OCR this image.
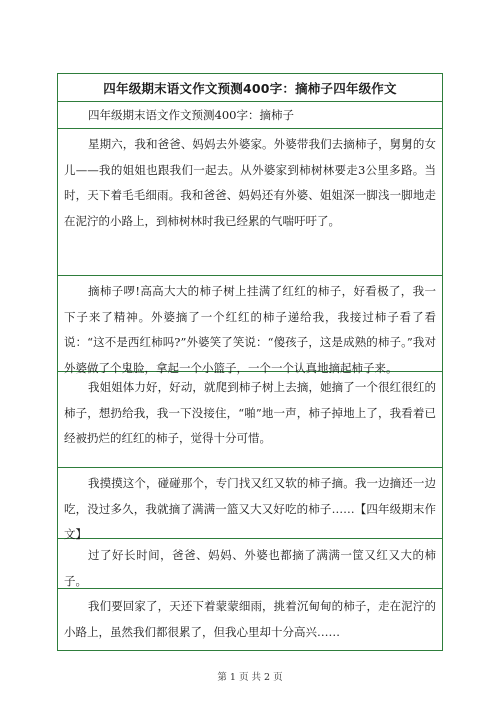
四年级期末语文作文预测400字：摘柿子四年级作文
四年级期末语文作文预测400字：摘柿子

星期六，我和爸爸、妈妈去外婆家。外婆带我们去摘柿子，舅舅的女儿——我的姐姐也跟我们一起去。从外婆家到柿树林要走3公里多路。当时，天下着毛毛细雨。我和爸爸、妈妈还有外婆、姐姐深一脚浅一脚地走在泥泞的小路上，到柿树林时我已经累的气喘吁吁了。

摘柿子啰!高高大大的柿子树上挂满了红红的柿子，好看极了，我一下子来了精神。外婆摘了一个红红的柿子递给我，我接过柿子看了看说：“这不是西红柿吗?”外婆笑了笑说：“傻孩子，这是成熟的柿子。”我对外婆做了个鬼脸，拿起一个小篮子，一个一个认真地摘起柿子来。

我姐姐体力好，好动，就爬到柿子树上去摘，她摘了一个很红很红的柿子，想扔给我，我一下没接住，“啪”地一声，柿子掉地上了，我看着已经被扔烂的红红的柿子，觉得十分可惜。

我摸摸这个，碰碰那个，专门找又红又软的柿子摘。我一边摘还一边吃，没过多久，我就摘了满满一篮又大又好吃的柿子……【四年级期末作文】

过了好长时间，爸爸、妈妈、外婆也都摘了满满一筐又红又大的柿子。

我们要回家了，天还下着蒙蒙细雨，挑着沉甸甸的柿子，走在泥泞的小路上，虽然我们都很累了，但我心里却十分高兴……

第 1 页 共 2 页
